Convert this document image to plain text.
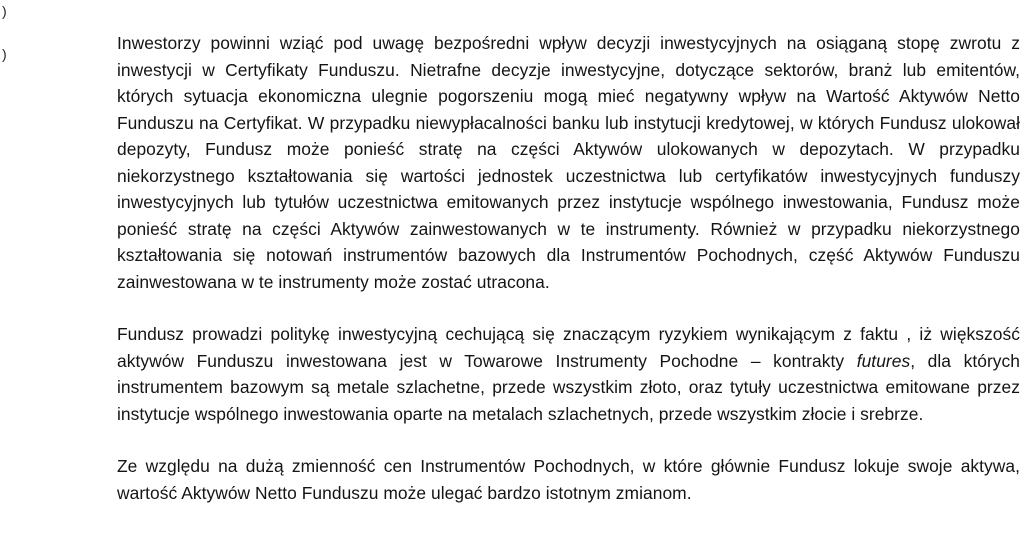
)
)

Inwestorzy powinni wziąć pod uwagę bezpośredni wpływ decyzji inwestycyjnych na osiąganą stopę zwrotu z inwestycji w Certyfikaty Funduszu. Nietrafne decyzje inwestycyjne, dotyczące sektorów, branż lub emitentów, których sytuacja ekonomiczna ulegnie pogorszeniu mogą mieć negatywny wpływ na Wartość Aktywów Netto Funduszu na Certyfikat. W przypadku niewypłacalności banku lub instytucji kredytowej, w których Fundusz ulokował depozyty, Fundusz może ponieść stratę na części Aktywów ulokowanych w depozytach. W przypadku niekorzystnego kształtowania się wartości jednostek uczestnictwa lub certyfikatów inwestycyjnych funduszy inwestycyjnych lub tytułów uczestnictwa emitowanych przez instytucje wspólnego inwestowania, Fundusz może ponieść stratę na części Aktywów zainwestowanych w te instrumenty. Również w przypadku niekorzystnego kształtowania się notowań instrumentów bazowych dla Instrumentów Pochodnych, część Aktywów Funduszu zainwestowana w te instrumenty może zostać utracona.

Fundusz prowadzi politykę inwestycyjną cechującą się znaczącym ryzykiem wynikającym z faktu , iż większość aktywów Funduszu inwestowana jest w Towarowe Instrumenty Pochodne – kontrakty futures, dla których instrumentem bazowym są metale szlachetne, przede wszystkim złoto, oraz tytuły uczestnictwa emitowane przez instytucje wspólnego inwestowania oparte na metalach szlachetnych, przede wszystkim złocie i srebrze.

Ze względu na dużą zmienność cen Instrumentów Pochodnych, w które głównie Fundusz lokuje swoje aktywa, wartość Aktywów Netto Funduszu może ulegać bardzo istotnym zmianom.
